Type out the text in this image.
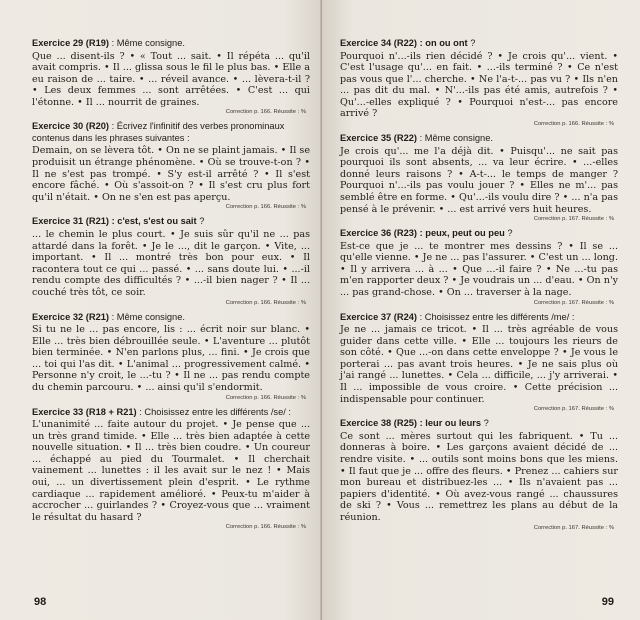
Exercice 29 (R19) : Même consigne.
Que ... disent-ils ? • « Tout ... sait. • Il répéta ... qu'il avait compris. • Il ... glissa sous le fil le plus bas. • Elle a eu raison de ... taire. • ... réveil avance. • ... lèvera-t-il ? • Les deux femmes ... sont arrêtées. • C'est ... qui l'étonne. • Il ... nourrit de graines.
Correction p. 166. Réussite : %
Exercice 30 (R20) : Écrivez l'infinitif des verbes pronominaux contenus dans les phrases suivantes :
Demain, on se lèvera tôt. • On ne se plaint jamais. • Il se produisit un étrange phénomène. • Où se trouve-t-on ? • Il ne s'est pas trompé. • S'y est-il arrêté ? • Il s'est encore fâché. • Où s'assoit-on ? • Il s'est cru plus fort qu'il n'était. • On ne s'en est pas aperçu.
Correction p. 166. Réussite : %
Exercice 31 (R21) : c'est, s'est ou sait ?
... le chemin le plus court. • Je suis sûr qu'il ne ... pas attardé dans la forêt. • Je le ..., dit le garçon. • Vite, ... important. • Il ... montré très bon pour eux. • Il racontera tout ce qui ... passé. • ... sans doute lui. • ...-il rendu compte des difficultés ? • ...-il bien nager ? • Il ... couché très tôt, ce soir.
Correction p. 166. Réussite : %
Exercice 32 (R21) : Même consigne.
Si tu ne le ... pas encore, lis : ... écrit noir sur blanc. • Elle ... très bien débrouillée seule. • L'aventure ... plutôt bien terminée. • N'en parlons plus, ... fini. • Je crois que ... toi qui l'as dit. • L'animal ... progressivement calmé. • Personne n'y croit, le ...-tu ? • Il ne ... pas rendu compte du chemin parcouru. • ... ainsi qu'il s'endormit.
Correction p. 166. Réussite : %
Exercice 33 (R18 + R21) : Choisissez entre les différents /se/ :
L'unanimité ... faite autour du projet. • Je pense que ... un très grand timide. • Elle ... très bien adaptée à cette nouvelle situation. • Il ... très bien coudre. • Un coureur ... échappé au pied du Tourmalet. • Il cherchait vainement ... lunettes : il les avait sur le nez ! • Mais oui, ... un divertissement plein d'esprit. • Le rythme cardiaque ... rapidement amélioré. • Peux-tu m'aider à accrocher ... guirlandes ? • Croyez-vous que ... vraiment le résultat du hasard ?
Correction p. 166. Réussite : %
98
Exercice 34 (R22) : on ou ont ?
Pourquoi n'...-ils rien décidé ? • Je crois qu'... vient. • C'est l'usage qu'... en fait. • ...-ils terminé ? • Ce n'est pas vous que l'... cherche. • Ne l'a-t-... pas vu ? • Ils n'en ... pas dit du mal. • N'...-ils pas été amis, autrefois ? • Qu'...-elles expliqué ? • Pourquoi n'est-... pas encore arrivé ?
Correction p. 166. Réussite : %
Exercice 35 (R22) : Même consigne.
Je crois qu'... me l'a déjà dit. • Puisqu'... ne sait pas pourquoi ils sont absents, ... va leur écrire. • ...-elles donné leurs raisons ? • A-t-... le temps de manger ? Pourquoi n'...-ils pas voulu jouer ? • Elles ne m'... pas semblé être en forme. • Qu'...-ils voulu dire ? • ... n'a pas pensé à le prévenir. • ... est arrivé vers huit heures.
Correction p. 167. Réussite : %
Exercice 36 (R23) : peux, peut ou peu ?
Est-ce que je ... te montrer mes dessins ? • Il se ... qu'elle vienne. • Je ne ... pas l'assurer. • C'est un ... long. • Il y arrivera ... à ... • Que ...-il faire ? • Ne ...-tu pas m'en rapporter deux ? • Je voudrais un ... d'eau. • On n'y ... pas grand-chose. • On ... traverser à la nage.
Correction p. 167. Réussite : %
Exercice 37 (R24) : Choisissez entre les différents /me/ :
Je ne ... jamais ce tricot. • Il ... très agréable de vous guider dans cette ville. • Elle ... toujours les rieurs de son côté. • Que ...-on dans cette enveloppe ? • Je vous le porterai ... pas avant trois heures. • Je ne sais plus où j'ai rangé ... lunettes. • Cela ... difficile, ... j'y arriverai. • Il ... impossible de vous croire. • Cette précision ... indispensable pour continuer.
Correction p. 167. Réussite : %
Exercice 38 (R25) : leur ou leurs ?
Ce sont ... mères surtout qui les fabriquent. • Tu ... donneras à boire. • Les garçons avaient décidé de ... rendre visite. • ... outils sont moins bons que les miens. • Il faut que je ... offre des fleurs. • Prenez ... cahiers sur mon bureau et distribuez-les ... • Ils n'avaient pas ... papiers d'identité. • Où avez-vous rangé ... chaussures de ski ? • Vous ... remettrez les plans au début de la réunion.
Correction p. 167. Réussite : %
99
